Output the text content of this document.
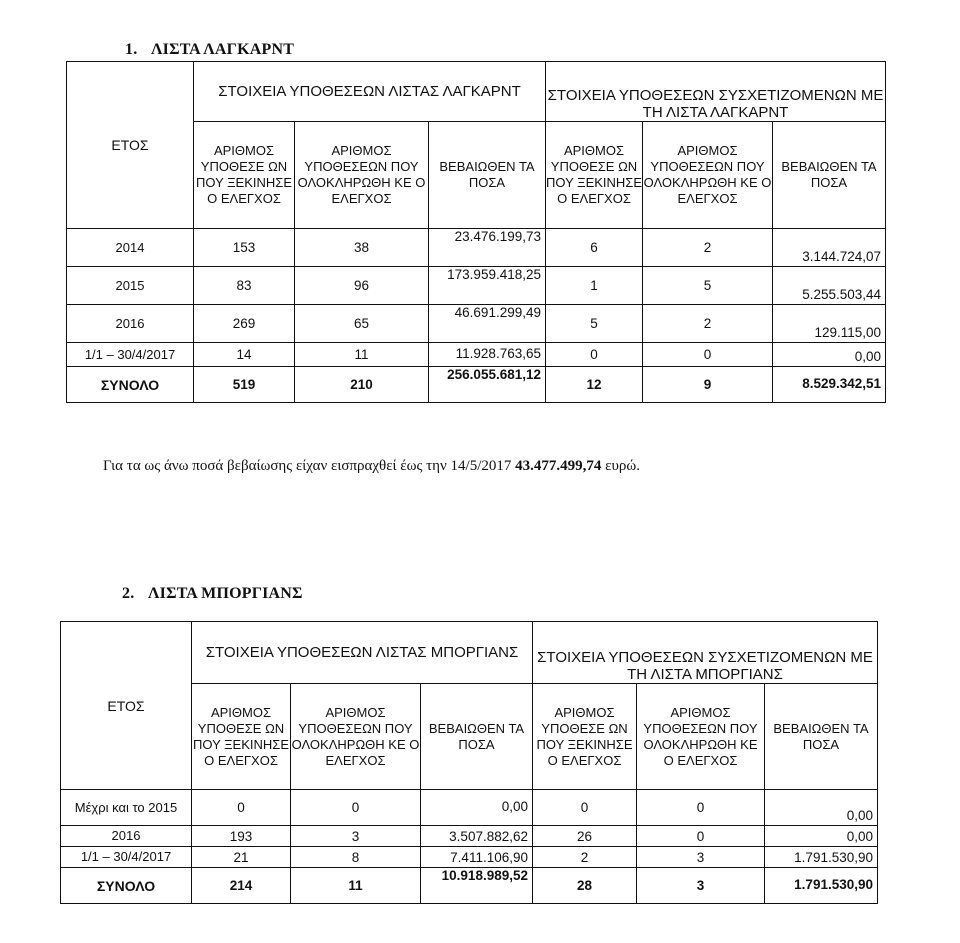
1. ΛΙΣΤΑ ΛΑΓΚΑΡΝΤ
ΕΤΟΣ	ΣΤΟΙΧΕΙΑ ΥΠΟΘΕΣΕΩΝ ΛΙΣΤΑΣ ΛΑΓΚΑΡΝΤ			ΣΤΟΙΧΕΙΑ ΥΠΟΘΕΣΕΩΝ ΣΥΣΧΕΤΙΖΟΜΕΝΩΝ ΜΕ ΤΗ ΛΙΣΤΑ ΛΑΓΚΑΡΝΤ		
	ΑΡΙΘΜΟΣ ΥΠΟΘΕΣΕ ΩΝ ΠΟΥ ΞΕΚΙΝΗΣΕ Ο ΕΛΕΓΧΟΣ	ΑΡΙΘΜΟΣ ΥΠΟΘΕΣΕΩΝ ΠΟΥ ΟΛΟΚΛΗΡΩΘΗ ΚΕ Ο ΕΛΕΓΧΟΣ	ΒΕΒΑΙΩΘΕΝ ΤΑ ΠΟΣΑ	ΑΡΙΘΜΟΣ ΥΠΟΘΕΣΕ ΩΝ ΠΟΥ ΞΕΚΙΝΗΣΕ Ο ΕΛΕΓΧΟΣ	ΑΡΙΘΜΟΣ ΥΠΟΘΕΣΕΩΝ ΠΟΥ ΟΛΟΚΛΗΡΩΘΗ ΚΕ Ο ΕΛΕΓΧΟΣ	ΒΕΒΑΙΩΘΕΝ ΤΑ ΠΟΣΑ
2014	153	38	23.476.199,73	6	2	3.144.724,07
2015	83	96	173.959.418,25	1	5	5.255.503,44
2016	269	65	46.691.299,49	5	2	129.115,00
1/1 – 30/4/2017	14	11	11.928.763,65	0	0	0,00
ΣΥΝΟΛΟ	519	210	256.055.681,12	12	9	8.529.342,51
Για τα ως άνω ποσά βεβαίωσης είχαν εισπραχθεί έως την 14/5/2017 43.477.499,74 ευρώ.
2. ΛΙΣΤΑ ΜΠΟΡΓΙΑΝΣ
ΕΤΟΣ	ΣΤΟΙΧΕΙΑ ΥΠΟΘΕΣΕΩΝ ΛΙΣΤΑΣ ΜΠΟΡΓΙΑΝΣ			ΣΤΟΙΧΕΙΑ ΥΠΟΘΕΣΕΩΝ ΣΥΣΧΕΤΙΖΟΜΕΝΩΝ ΜΕ ΤΗ ΛΙΣΤΑ ΜΠΟΡΓΙΑΝΣ		
	ΑΡΙΘΜΟΣ ΥΠΟΘΕΣΕ ΩΝ ΠΟΥ ΞΕΚΙΝΗΣΕ Ο ΕΛΕΓΧΟΣ	ΑΡΙΘΜΟΣ ΥΠΟΘΕΣΕΩΝ ΠΟΥ ΟΛΟΚΛΗΡΩΘΗ ΚΕ Ο ΕΛΕΓΧΟΣ	ΒΕΒΑΙΩΘΕΝ ΤΑ ΠΟΣΑ	ΑΡΙΘΜΟΣ ΥΠΟΘΕΣΕ ΩΝ ΠΟΥ ΞΕΚΙΝΗΣΕ Ο ΕΛΕΓΧΟΣ	ΑΡΙΘΜΟΣ ΥΠΟΘΕΣΕΩΝ ΠΟΥ ΟΛΟΚΛΗΡΩΘΗ ΚΕ Ο ΕΛΕΓΧΟΣ	ΒΕΒΑΙΩΘΕΝ ΤΑ ΠΟΣΑ
Μέχρι και το 2015	0	0	0,00	0	0	0,00
2016	193	3	3.507.882,62	26	0	0,00
1/1 – 30/4/2017	21	8	7.411.106,90	2	3	1.791.530,90
ΣΥΝΟΛΟ	214	11	10.918.989,52	28	3	1.791.530,90
